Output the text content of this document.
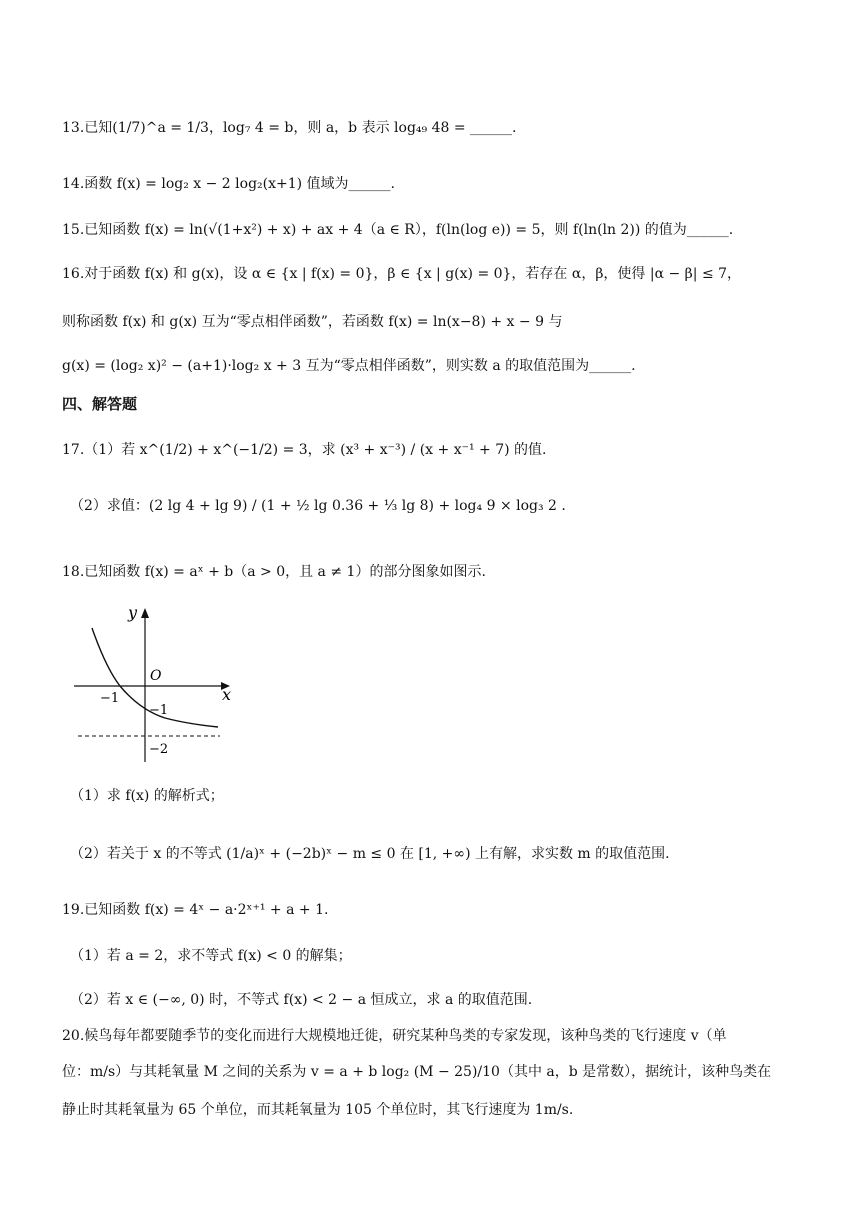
13.已知(1/7)^a = 1/3，log₇ 4 = b，则 a，b 表示 log₄₉ 48 = ______.
14.函数 f(x) = log₂ x − 2 log₂(x+1) 值域为______.
15.已知函数 f(x) = ln(√(1+x²) + x) + ax + 4（a ∈ R），f(ln(log e)) = 5，则 f(ln(ln 2)) 的值为______.
16.对于函数 f(x) 和 g(x)，设 α ∈ {x | f(x) = 0}，β ∈ {x | g(x) = 0}，若存在 α，β，使得 |α − β| ≤ 7，
则称函数 f(x) 和 g(x) 互为“零点相伴函数”，若函数 f(x) = ln(x−8) + x − 9 与
g(x) = (log₂ x)² − (a+1)·log₂ x + 3 互为“零点相伴函数”，则实数 a 的取值范围为______.
四、解答题
17.（1）若 x^(1/2) + x^(−1/2) = 3，求 (x³ + x⁻³) / (x + x⁻¹ + 7) 的值.
（2）求值：(2 lg 4 + lg 9) / (1 + ½ lg 0.36 + ⅓ lg 8) + log₄ 9 × log₃ 2 .
18.已知函数 f(x) = aˣ + b（a > 0，且 a ≠ 1）的部分图象如图示.
y
x
O
−1
−1
−2
（1）求 f(x) 的解析式；
（2）若关于 x 的不等式 (1/a)ˣ + (−2b)ˣ − m ≤ 0 在 [1, +∞) 上有解，求实数 m 的取值范围.
19.已知函数 f(x) = 4ˣ − a·2ˣ⁺¹ + a + 1.
（1）若 a = 2，求不等式 f(x) < 0 的解集；
（2）若 x ∈ (−∞, 0) 时，不等式 f(x) < 2 − a 恒成立，求 a 的取值范围.
20.候鸟每年都要随季节的变化而进行大规模地迁徙，研究某种鸟类的专家发现，该种鸟类的飞行速度 v（单
位：m/s）与其耗氧量 M 之间的关系为 v = a + b log₂ (M − 25)/10（其中 a，b 是常数），据统计，该种鸟类在
静止时其耗氧量为 65 个单位，而其耗氧量为 105 个单位时，其飞行速度为 1m/s.
